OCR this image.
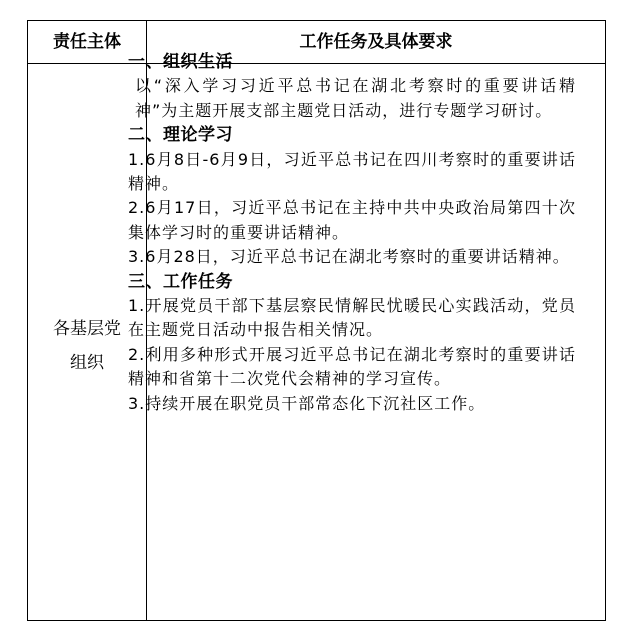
责任主体	工作任务及具体要求
各基层党组织
一、组织生活

以“深入学习习近平总书记在湖北考察时的重要讲话精神”为主题开展支部主题党日活动，进行专题学习研讨。

二、理论学习

1.6月8日-6月9日，习近平总书记在四川考察时的重要讲话精神。

2.6月17日，习近平总书记在主持中共中央政治局第四十次集体学习时的重要讲话精神。

3.6月28日，习近平总书记在湖北考察时的重要讲话精神。

三、工作任务

1.开展党员干部下基层察民情解民忧暖民心实践活动，党员在主题党日活动中报告相关情况。

2.利用多种形式开展习近平总书记在湖北考察时的重要讲话精神和省第十二次党代会精神的学习宣传。

3.持续开展在职党员干部常态化下沉社区工作。
